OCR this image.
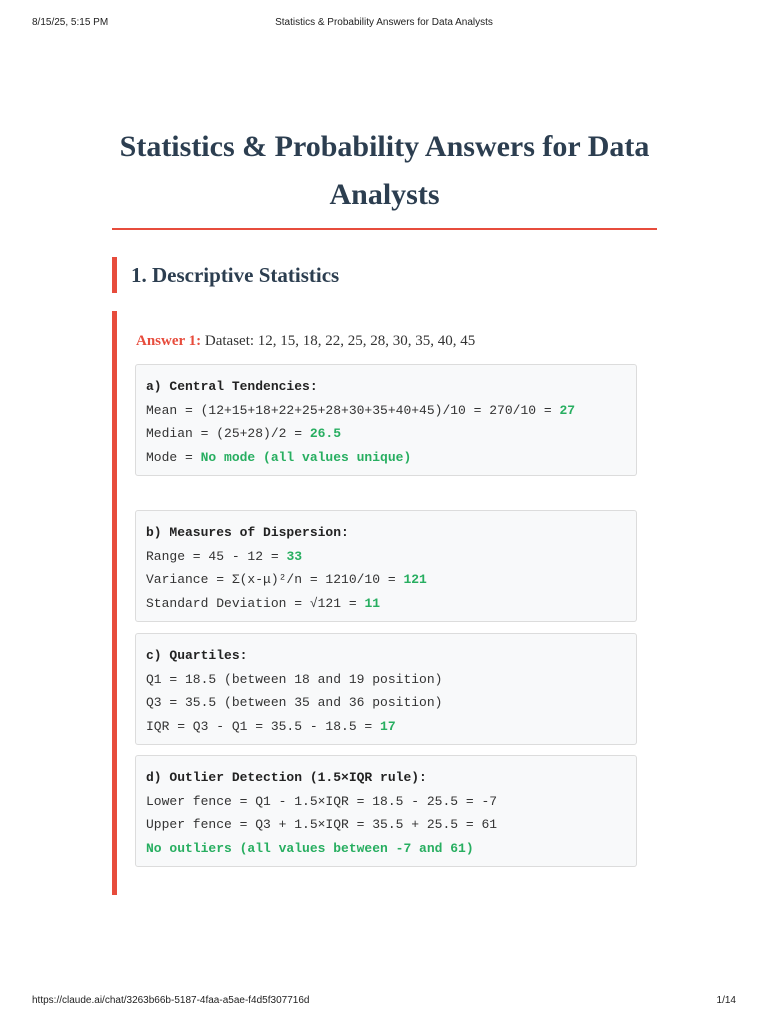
8/15/25, 5:15 PM	Statistics & Probability Answers for Data Analysts
Statistics & Probability Answers for Data Analysts
1. Descriptive Statistics
Answer 1: Dataset: 12, 15, 18, 22, 25, 28, 30, 35, 40, 45
a) Central Tendencies:
Mean = (12+15+18+22+25+28+30+35+40+45)/10 = 270/10 = 27
Median = (25+28)/2 = 26.5
Mode = No mode (all values unique)
b) Measures of Dispersion:
Range = 45 - 12 = 33
Variance = Σ(x-μ)²/n = 1210/10 = 121
Standard Deviation = √121 = 11
c) Quartiles:
Q1 = 18.5 (between 18 and 19 position)
Q3 = 35.5 (between 35 and 36 position)
IQR = Q3 - Q1 = 35.5 - 18.5 = 17
d) Outlier Detection (1.5×IQR rule):
Lower fence = Q1 - 1.5×IQR = 18.5 - 25.5 = -7
Upper fence = Q3 + 1.5×IQR = 35.5 + 25.5 = 61
No outliers (all values between -7 and 61)
https://claude.ai/chat/3263b66b-5187-4faa-a5ae-f4d5f307716d	1/14
